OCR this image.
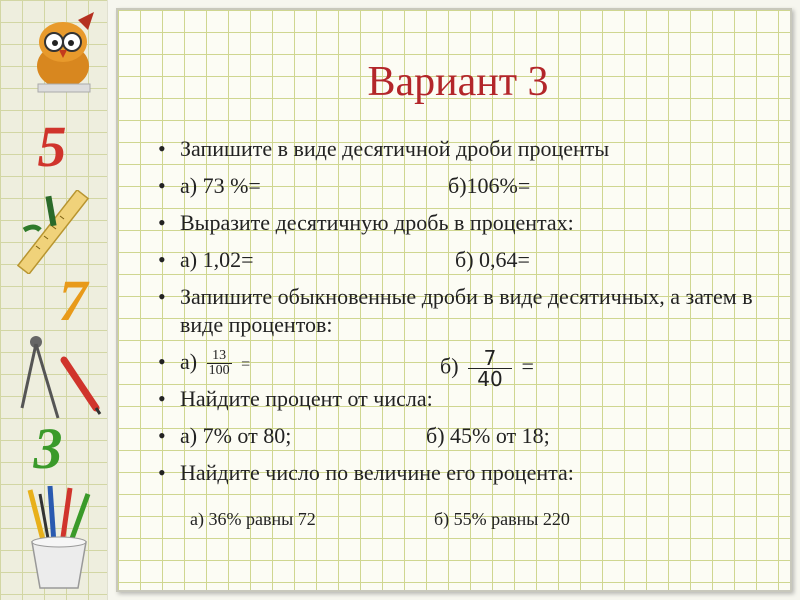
5
7
3
Вариант 3
• Запишите в виде десятичной дроби проценты
• а) 73 %=	б)106%=
• Выразите десятичную дробь в процентах:
• а) 1,02=	б) 0,64=
• Запишите обыкновенные дроби в виде десятичных, а затем в виде процентов:
• $а) \frac{13}{100}$ =	$б) \frac{7}{40}$ =
• Найдите процент от числа:
• а) 7% от 80;	б) 45% от 18;
• Найдите число по величине его процента:
а) 36% равны 72	б) 55% равны 220
